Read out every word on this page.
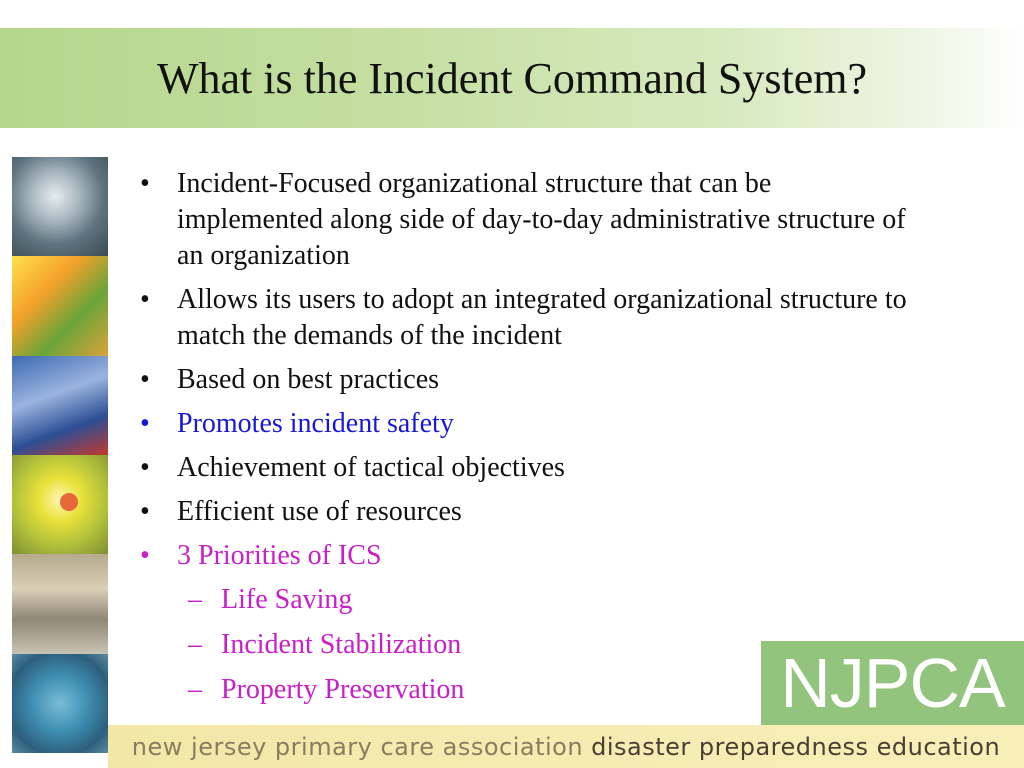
What is the Incident Command System?
• Incident-Focused organizational structure that can be implemented along side of day-to-day administrative structure of an organization
• Allows its users to adopt an integrated organizational structure to match the demands of the incident
• Based on best practices
• Promotes incident safety
• Achievement of tactical objectives
• Efficient use of resources
• 3 Priorities of ICS
– Life Saving
– Incident Stabilization
– Property Preservation	NJPCA
new jersey primary care association disaster preparedness education
